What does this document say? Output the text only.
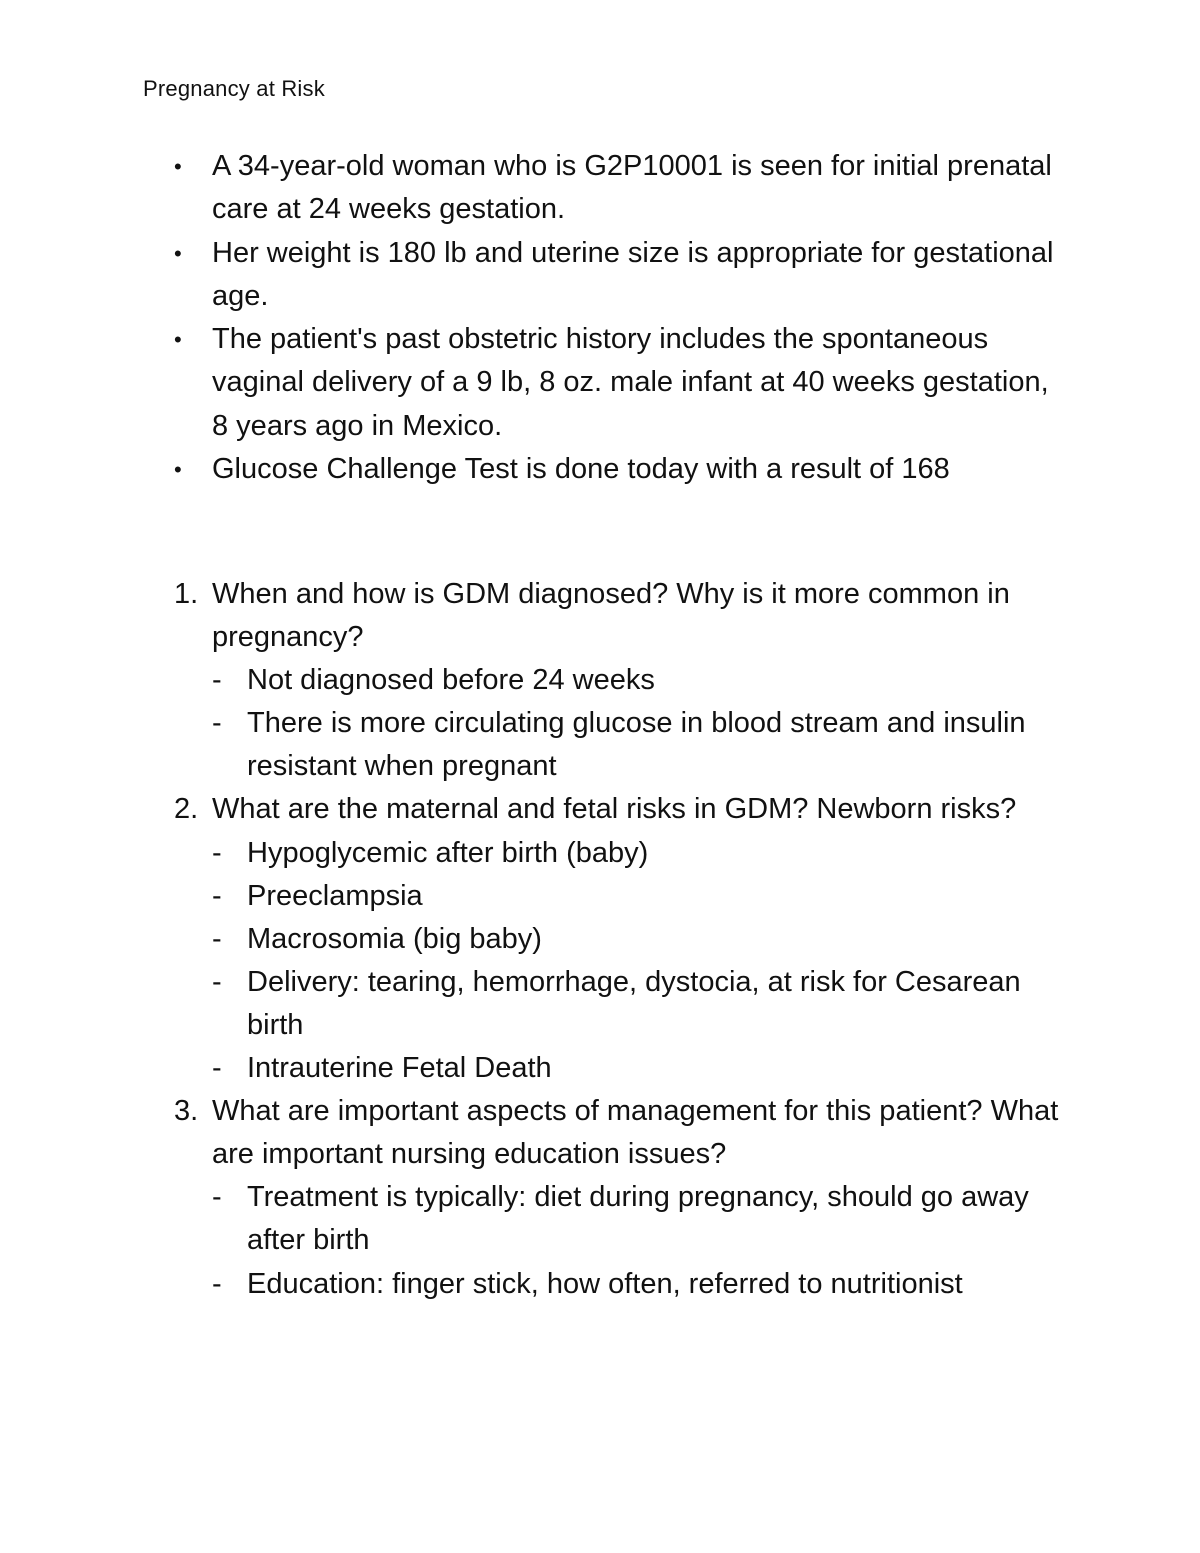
Pregnancy at Risk
• A 34-year-old woman who is G2P10001 is seen for initial prenatal care at 24 weeks gestation.
• Her weight is 180 lb and uterine size is appropriate for gestational age.
• The patient's past obstetric history includes the spontaneous vaginal delivery of a 9 lb, 8 oz. male infant at 40 weeks gestation, 8 years ago in Mexico.
• Glucose Challenge Test is done today with a result of 168
1. When and how is GDM diagnosed? Why is it more common in pregnancy?
- Not diagnosed before 24 weeks
- There is more circulating glucose in blood stream and insulin resistant when pregnant
2. What are the maternal and fetal risks in GDM? Newborn risks?
- Hypoglycemic after birth (baby)
- Preeclampsia
- Macrosomia (big baby)
- Delivery: tearing, hemorrhage, dystocia, at risk for Cesarean birth
- Intrauterine Fetal Death
3. What are important aspects of management for this patient? What are important nursing education issues?
- Treatment is typically: diet during pregnancy, should go away after birth
- Education: finger stick, how often, referred to nutritionist
